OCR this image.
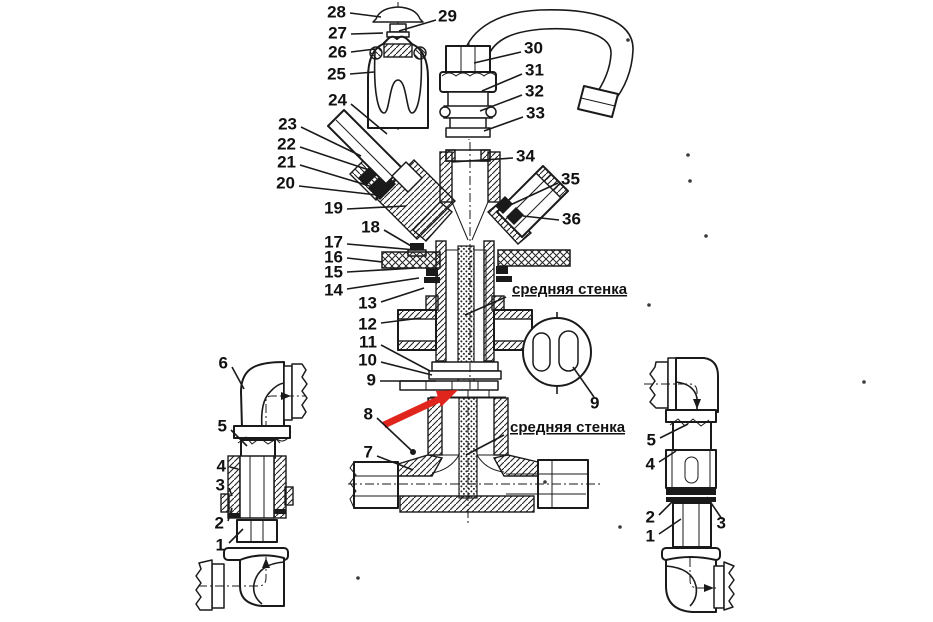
28	29
27
26
25
24
23
22
21
20
19
18
17
16
15
14
13
12
11
10
9
8
7
30
31
32
33
34
35
36
9
6
5
4
3
2
1
5
4
2
1
3
средняя стенка
средняя стенка
